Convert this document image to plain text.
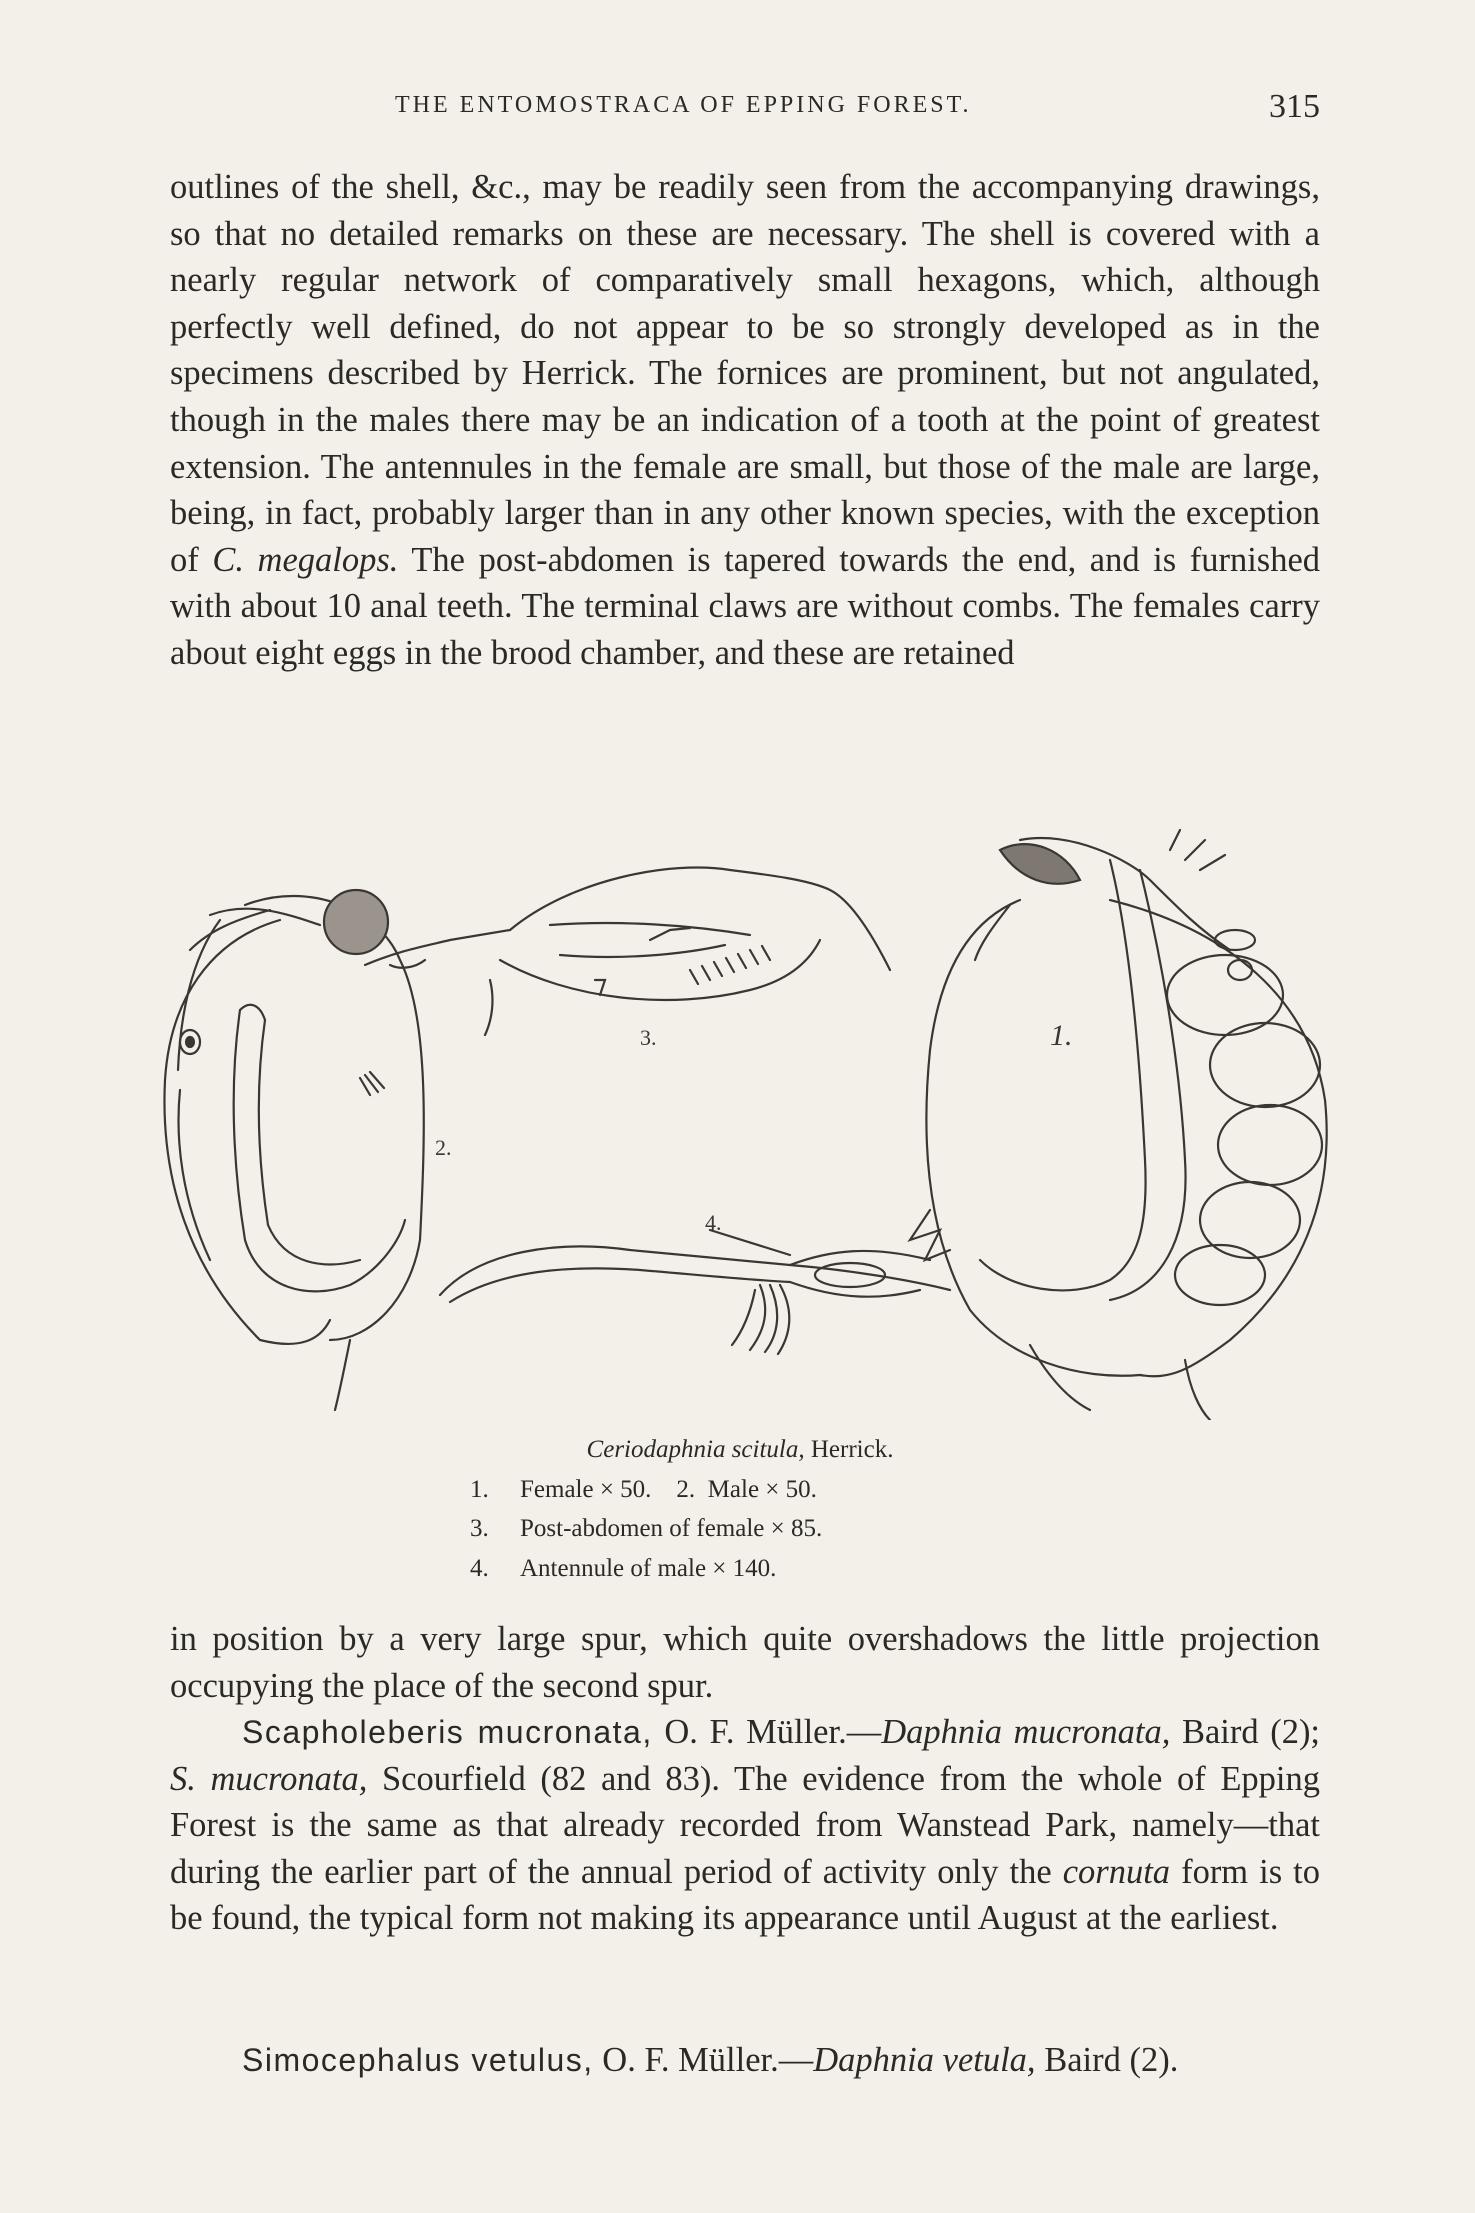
THE ENTOMOSTRACA OF EPPING FOREST.	315

outlines of the shell, &c., may be readily seen from the accompanying drawings, so that no detailed remarks on these are necessary. The shell is covered with a nearly regular network of comparatively small hexagons, which, although perfectly well defined, do not appear to be so strongly developed as in the specimens described by Herrick. The fornices are prominent, but not angulated, though in the males there may be an indication of a tooth at the point of greatest extension. The antennules in the female are small, but those of the male are large, being, in fact, probably larger than in any other known species, with the exception of C. megalops. The post-abdomen is tapered towards the end, and is furnished with about 10 anal teeth. The terminal claws are without combs. The females carry about eight eggs in the brood chamber, and these are retained

3.
4.
1.
2.
Ceriodaphnia scitula, Herrick.
1.	Female × 50.    2.  Male × 50.
3.	Post-abdomen of female × 85.
4.	Antennule of male × 140.

in position by a very large spur, which quite overshadows the little projection occupying the place of the second spur.

Scapholeberis mucronata, O. F. Müller.—Daphnia mucronata, Baird (2); S. mucronata, Scourfield (82 and 83). The evidence from the whole of Epping Forest is the same as that already recorded from Wanstead Park, namely—that during the earlier part of the annual period of activity only the cornuta form is to be found, the typical form not making its appearance until August at the earliest.

Simocephalus vetulus, O. F. Müller.—Daphnia vetula, Baird (2).
